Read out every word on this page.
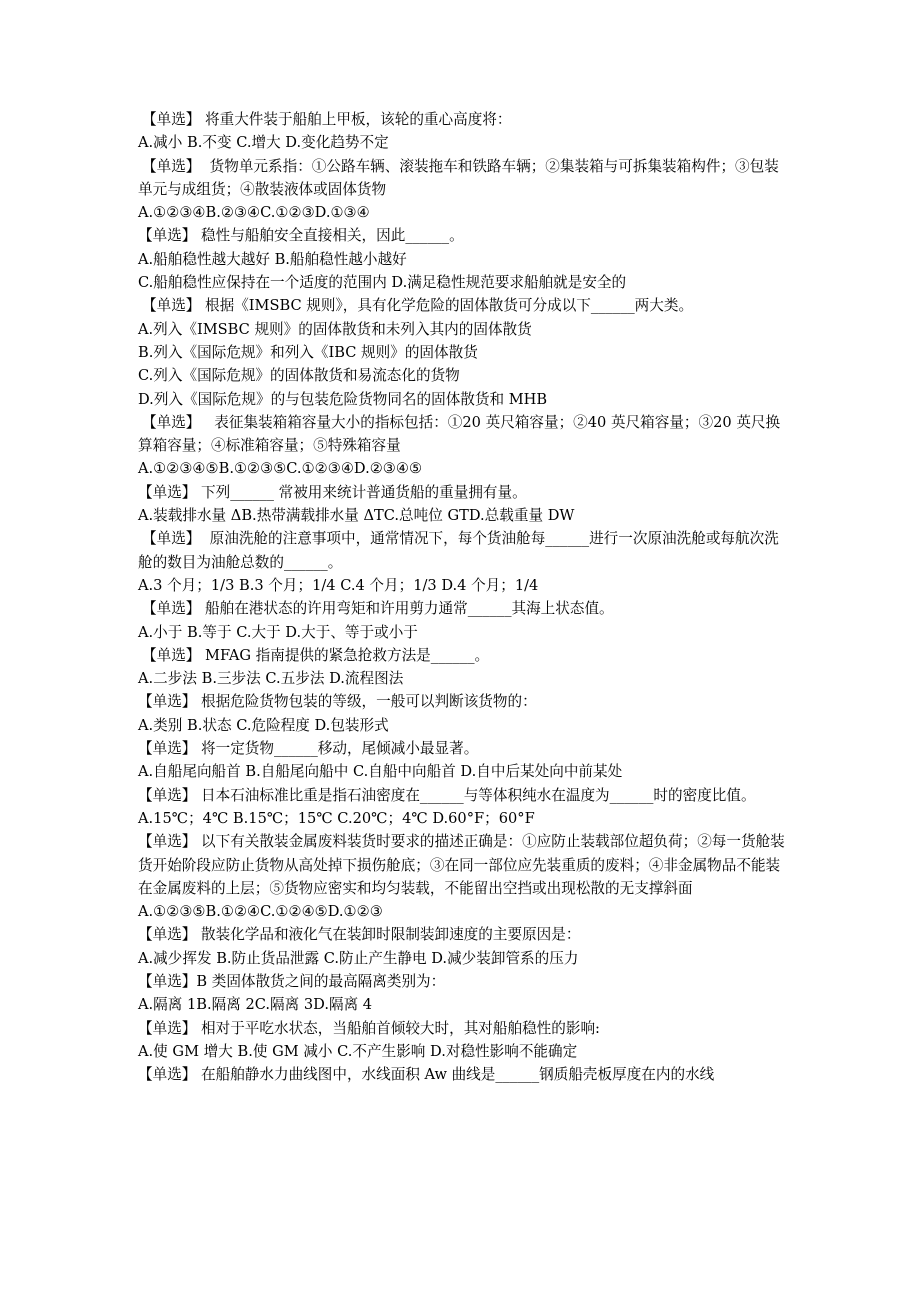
【单选】 将重大件装于船舶上甲板，该轮的重心高度将：

A.减小 B.不变 C.增大 D.变化趋势不定

【单选】  货物单元系指：①公路车辆、滚装拖车和铁路车辆；②集装箱与可拆集装箱构件；③包装单元与成组货；④散装液体或固体货物

A.①②③④B.②③④C.①②③D.①③④

【单选】 稳性与船舶安全直接相关，因此______。

A.船舶稳性越大越好 B.船舶稳性越小越好

C.船舶稳性应保持在一个适度的范围内 D.满足稳性规范要求船舶就是安全的

【单选】 根据《IMSBC 规则》，具有化学危险的固体散货可分成以下______两大类。

A.列入《IMSBC 规则》的固体散货和未列入其内的固体散货

B.列入《国际危规》和列入《IBC 规则》的固体散货

C.列入《国际危规》的固体散货和易流态化的货物

D.列入《国际危规》的与包装危险货物同名的固体散货和 MHB

【单选】   表征集装箱箱容量大小的指标包括：①20 英尺箱容量；②40 英尺箱容量；③20 英尺换算箱容量；④标准箱容量；⑤特殊箱容量

A.①②③④⑤B.①②③⑤C.①②③④D.②③④⑤

【单选】 下列______ 常被用来统计普通货船的重量拥有量。

A.装载排水量 ΔB.热带满载排水量 ΔTC.总吨位 GTD.总载重量 DW

【单选】  原油洗舱的注意事项中，通常情况下，每个货油舱每______进行一次原油洗舱或每航次洗舱的数目为油舱总数的______。

A.3 个月；1/3 B.3 个月；1/4 C.4 个月；1/3 D.4 个月；1/4

【单选】 船舶在港状态的许用弯矩和许用剪力通常______其海上状态值。

A.小于 B.等于 C.大于 D.大于、等于或小于

【单选】 MFAG 指南提供的紧急抢救方法是______。

A.二步法 B.三步法 C.五步法 D.流程图法

【单选】 根据危险货物包装的等级，一般可以判断该货物的：

A.类别 B.状态 C.危险程度 D.包装形式

【单选】 将一定货物______移动，尾倾减小最显著。

A.自船尾向船首 B.自船尾向船中 C.自船中向船首 D.自中后某处向中前某处

【单选】 日本石油标准比重是指石油密度在______与等体积纯水在温度为______时的密度比值。

A.15℃；4℃ B.15℃；15℃ C.20℃；4℃ D.60°F；60°F

【单选】 以下有关散装金属废料装货时要求的描述正确是：①应防止装载部位超负荷；②每一货舱装货开始阶段应防止货物从高处掉下损伤舱底；③在同一部位应先装重质的废料；④非金属物品不能装在金属废料的上层；⑤货物应密实和均匀装载，不能留出空挡或出现松散的无支撑斜面

A.①②③⑤B.①②④C.①②④⑤D.①②③

【单选】 散装化学品和液化气在装卸时限制装卸速度的主要原因是：

A.减少挥发 B.防止货品泄露 C.防止产生静电 D.减少装卸管系的压力

【单选】B 类固体散货之间的最高隔离类别为：

A.隔离 1B.隔离 2C.隔离 3D.隔离 4

【单选】 相对于平吃水状态，当船舶首倾较大时，其对船舶稳性的影响:

A.使 GM 增大 B.使 GM 减小 C.不产生影响 D.对稳性影响不能确定

【单选】 在船舶静水力曲线图中，水线面积 Aw 曲线是______钢质船壳板厚度在内的水线
